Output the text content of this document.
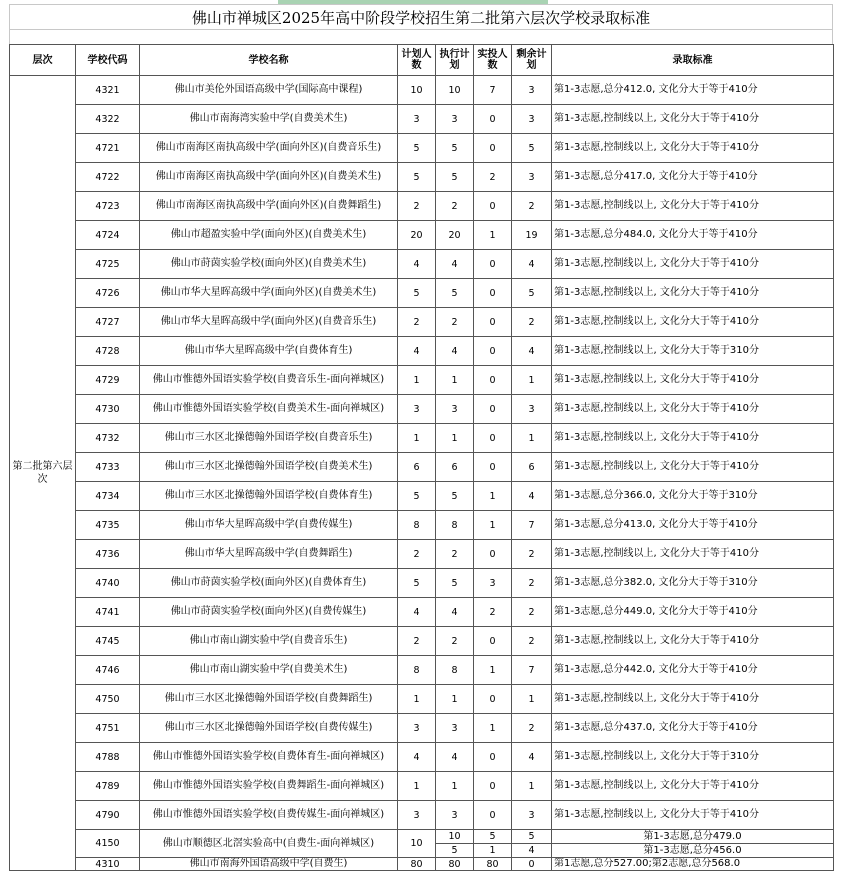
佛山市禅城区2025年高中阶段学校招生第二批第六层次学校录取标准
层次	学校代码	学校名称	计划人数	执行计划	实投人数	剩余计划	录取标准
第二批第六层次	4321	佛山市美伦外国语高级中学(国际高中课程)	10	10	7	3	第1-3志愿,总分412.0, 文化分大于等于410分
	4322	佛山市南海湾实验中学(自费美术生)	3	3	0	3	第1-3志愿,控制线以上, 文化分大于等于410分
	4721	佛山市南海区南执高级中学(面向外区)(自费音乐生)	5	5	0	5	第1-3志愿,控制线以上, 文化分大于等于410分
	4722	佛山市南海区南执高级中学(面向外区)(自费美术生)	5	5	2	3	第1-3志愿,总分417.0, 文化分大于等于410分
	4723	佛山市南海区南执高级中学(面向外区)(自费舞蹈生)	2	2	0	2	第1-3志愿,控制线以上, 文化分大于等于410分
	4724	佛山市超盈实验中学(面向外区)(自费美术生)	20	20	1	19	第1-3志愿,总分484.0, 文化分大于等于410分
	4725	佛山市莳茵实验学校(面向外区)(自费美术生)	4	4	0	4	第1-3志愿,控制线以上, 文化分大于等于410分
	4726	佛山市华大星晖高级中学(面向外区)(自费美术生)	5	5	0	5	第1-3志愿,控制线以上, 文化分大于等于410分
	4727	佛山市华大星晖高级中学(面向外区)(自费音乐生)	2	2	0	2	第1-3志愿,控制线以上, 文化分大于等于410分
	4728	佛山市华大星晖高级中学(自费体育生)	4	4	0	4	第1-3志愿,控制线以上, 文化分大于等于310分
	4729	佛山市惟德外国语实验学校(自费音乐生-面向禅城区)	1	1	0	1	第1-3志愿,控制线以上, 文化分大于等于410分
	4730	佛山市惟德外国语实验学校(自费美术生-面向禅城区)	3	3	0	3	第1-3志愿,控制线以上, 文化分大于等于410分
	4732	佛山市三水区北操德翰外国语学校(自费音乐生)	1	1	0	1	第1-3志愿,控制线以上, 文化分大于等于410分
	4733	佛山市三水区北操德翰外国语学校(自费美术生)	6	6	0	6	第1-3志愿,控制线以上, 文化分大于等于410分
	4734	佛山市三水区北操德翰外国语学校(自费体育生)	5	5	1	4	第1-3志愿,总分366.0, 文化分大于等于310分
	4735	佛山市华大星晖高级中学(自费传媒生)	8	8	1	7	第1-3志愿,总分413.0, 文化分大于等于410分
	4736	佛山市华大星晖高级中学(自费舞蹈生)	2	2	0	2	第1-3志愿,控制线以上, 文化分大于等于410分
	4740	佛山市莳茵实验学校(面向外区)(自费体育生)	5	5	3	2	第1-3志愿,总分382.0, 文化分大于等于310分
	4741	佛山市莳茵实验学校(面向外区)(自费传媒生)	4	4	2	2	第1-3志愿,总分449.0, 文化分大于等于410分
	4745	佛山市南山湖实验中学(自费音乐生)	2	2	0	2	第1-3志愿,控制线以上, 文化分大于等于410分
	4746	佛山市南山湖实验中学(自费美术生)	8	8	1	7	第1-3志愿,总分442.0, 文化分大于等于410分
	4750	佛山市三水区北操德翰外国语学校(自费舞蹈生)	1	1	0	1	第1-3志愿,控制线以上, 文化分大于等于410分
	4751	佛山市三水区北操德翰外国语学校(自费传媒生)	3	3	1	2	第1-3志愿,总分437.0, 文化分大于等于410分
	4788	佛山市惟德外国语实验学校(自费体育生-面向禅城区)	4	4	0	4	第1-3志愿,控制线以上, 文化分大于等于310分
	4789	佛山市惟德外国语实验学校(自费舞蹈生-面向禅城区)	1	1	0	1	第1-3志愿,控制线以上, 文化分大于等于410分
	4790	佛山市惟德外国语实验学校(自费传媒生-面向禅城区)	3	3	0	3	第1-3志愿,控制线以上, 文化分大于等于410分
	4150	佛山市顺德区北滘实验高中(自费生-面向禅城区)	10	10	5	5	第1-3志愿,总分479.0
				5	1	4	第1-3志愿,总分456.0
	4310	佛山市南海外国语高级中学(自费生)	80	80	80	0	第1志愿,总分527.00;第2志愿,总分568.0
